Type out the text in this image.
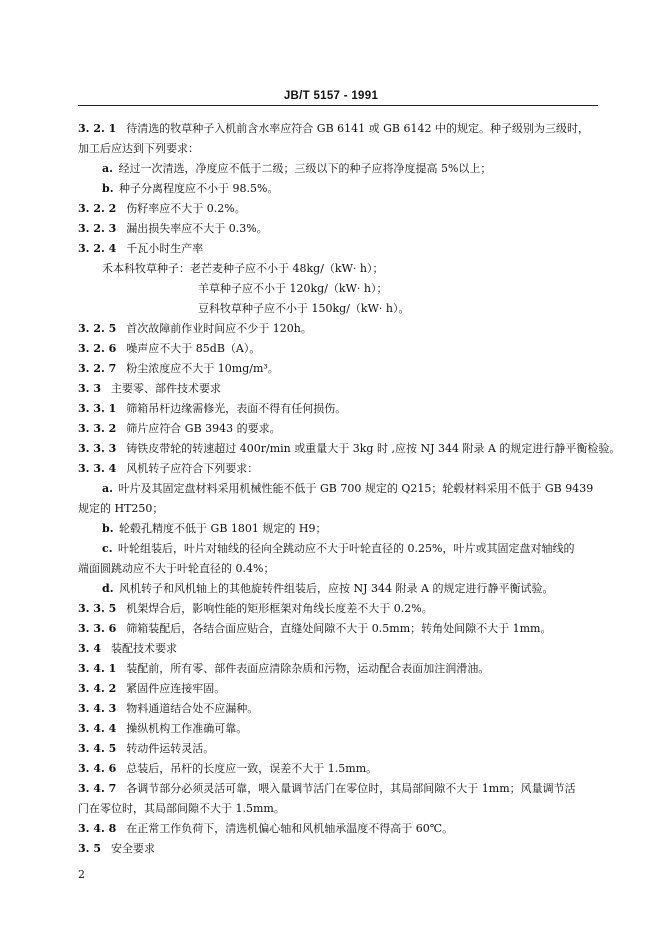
JB/T 5157 - 1991
3. 2. 1 待清选的牧草种子入机前含水率应符合 GB 6141 或 GB 6142 中的规定。种子级别为三级时，
加工后应达到下列要求：
a. 经过一次清选，净度应不低于二级；三级以下的种子应将净度提高 5%以上；
b. 种子分离程度应不小于 98.5%。
3. 2. 2 伤籽率应不大于 0.2%。
3. 2. 3 漏出损失率应不大于 0.3%。
3. 2. 4 千瓦小时生产率
禾本科牧草种子：老芒麦种子应不小于 48kg/（kW· h）；
羊草种子应不小于 120kg/（kW· h）；
豆科牧草种子应不小于 150kg/（kW· h）。
3. 2. 5 首次故障前作业时间应不少于 120h。
3. 2. 6 噪声应不大于 85dB（A）。
3. 2. 7 粉尘浓度应不大于 10mg/m³。
3. 3 主要零、部件技术要求
3. 3. 1 筛箱吊杆边缘需修光，表面不得有任何损伤。
3. 3. 2 筛片应符合 GB 3943 的要求。
3. 3. 3 铸铁皮带轮的转速超过 400r/min 或重量大于 3kg 时 ,应按 NJ 344 附录 A 的规定进行静平衡检验。
3. 3. 4 风机转子应符合下列要求：
a. 叶片及其固定盘材料采用机械性能不低于 GB 700 规定的 Q215；轮毂材料采用不低于 GB 9439
规定的 HT250；
b. 轮毂孔精度不低于 GB 1801 规定的 H9；
c. 叶轮组装后，叶片对轴线的径向全跳动应不大于叶轮直径的 0.25%，叶片或其固定盘对轴线的
端面圆跳动应不大于叶轮直径的 0.4%；
d. 风机转子和风机轴上的其他旋转件组装后，应按 NJ 344 附录 A 的规定进行静平衡试验。
3. 3. 5 机架焊合后，影响性能的矩形框架对角线长度差不大于 0.2%。
3. 3. 6 筛箱装配后，各结合面应贴合，直缝处间隙不大于 0.5mm；转角处间隙不大于 1mm。
3. 4 装配技术要求
3. 4. 1 装配前，所有零、部件表面应清除杂质和污物，运动配合表面加注润滑油。
3. 4. 2 紧固件应连接牢固。
3. 4. 3 物料通道结合处不应漏种。
3. 4. 4 操纵机构工作准确可靠。
3. 4. 5 转动件运转灵活。
3. 4. 6 总装后，吊杆的长度应一致，误差不大于 1.5mm。
3. 4. 7 各调节部分必须灵活可靠，喂入量调节活门在零位时，其局部间隙不大于 1mm；风量调节活
门在零位时，其局部间隙不大于 1.5mm。
3. 4. 8 在正常工作负荷下，清选机偏心轴和风机轴承温度不得高于 60℃。
3. 5 安全要求
2
